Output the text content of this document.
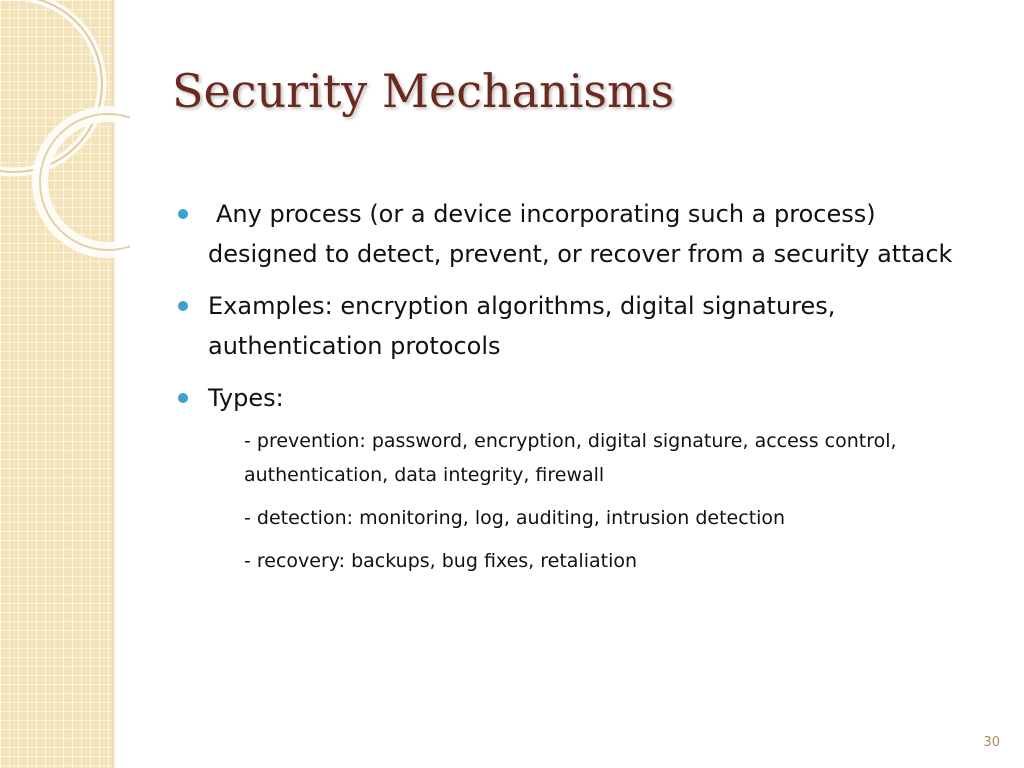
Security Mechanisms
Any process (or a device incorporating such a process) designed to detect, prevent, or recover from a security attack
Examples: encryption algorithms, digital signatures, authentication protocols
Types:
- prevention: password, encryption, digital signature, access control, authentication, data integrity, firewall
- detection: monitoring, log, auditing, intrusion detection
- recovery: backups, bug fixes, retaliation
30
